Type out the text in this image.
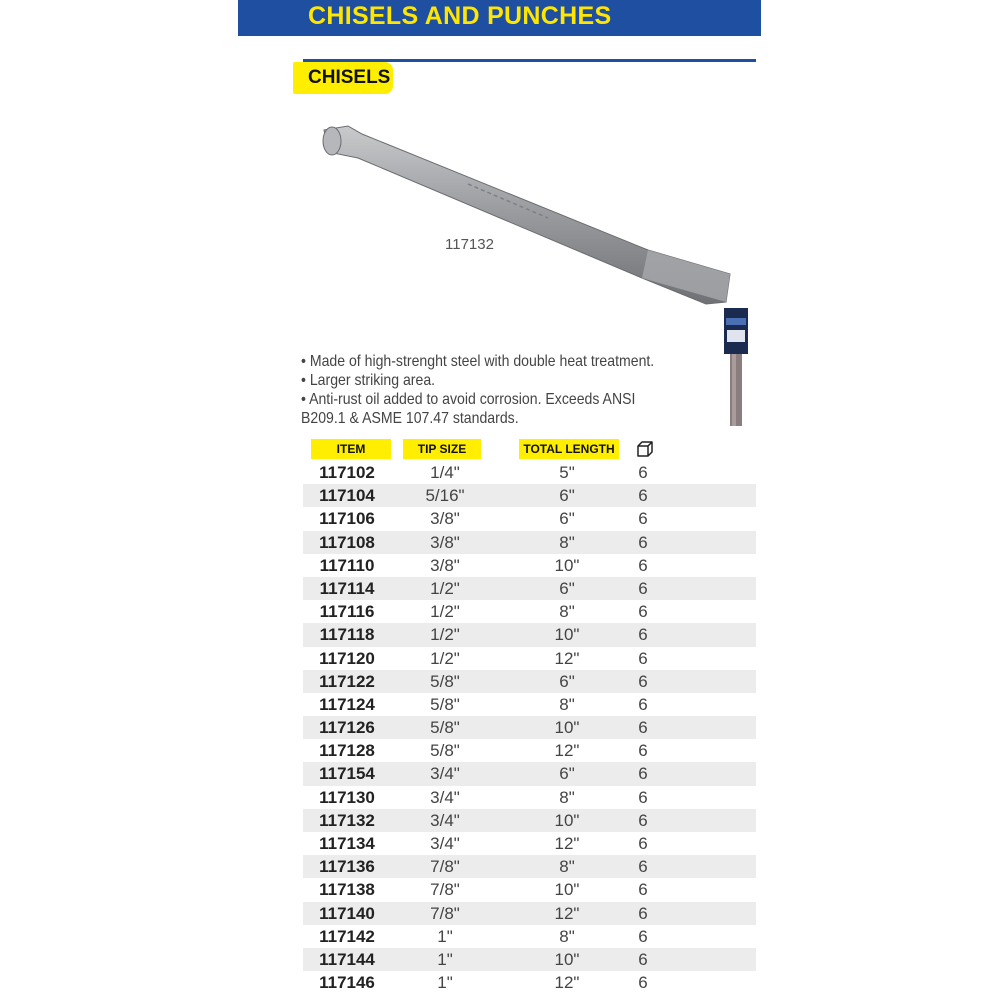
CHISELS AND PUNCHES
CHISELS
117132
• Made of high-strenght steel with double heat treatment.
• Larger striking area.
• Anti-rust oil added to avoid corrosion. Exceeds ANSI
B209.1 & ASME 107.47 standards.
ITEM	TIP SIZE	TOTAL LENGTH
117102	1/4"	5"	6
117104	5/16"	6"	6
117106	3/8"	6"	6
117108	3/8"	8"	6
117110	3/8"	10"	6
117114	1/2"	6"	6
117116	1/2"	8"	6
117118	1/2"	10"	6
117120	1/2"	12"	6
117122	5/8"	6"	6
117124	5/8"	8"	6
117126	5/8"	10"	6
117128	5/8"	12"	6
117154	3/4"	6"	6
117130	3/4"	8"	6
117132	3/4"	10"	6
117134	3/4"	12"	6
117136	7/8"	8"	6
117138	7/8"	10"	6
117140	7/8"	12"	6
117142	1"	8"	6
117144	1"	10"	6
117146	1"	12"	6
